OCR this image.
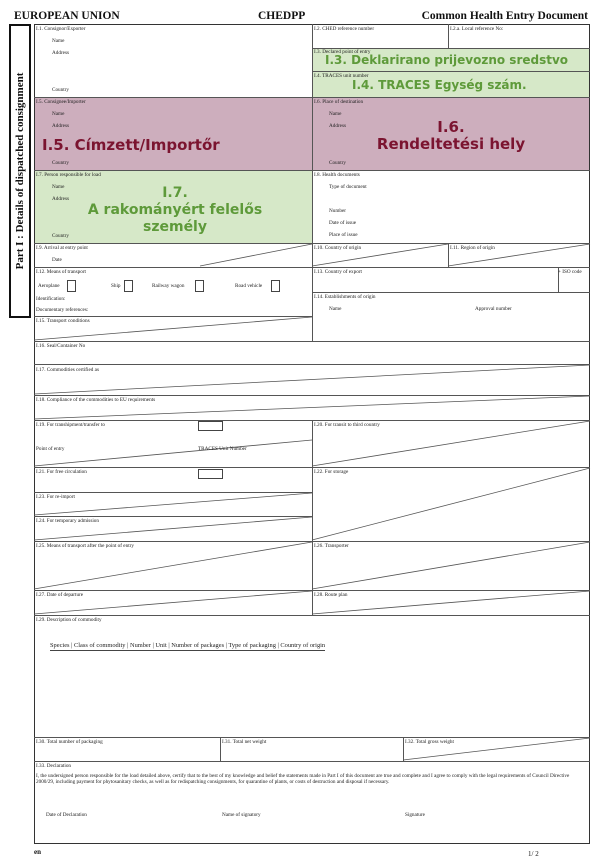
EUROPEAN UNION	CHEDPP	Common Health Entry Document
Part I : Details of dispatched consignment
I.1. Consignor/Exporter
Name
Address
Country
I.2. CHED reference number	I.2.a. Local reference No:
I.3. Declared point of entry
I.3. Deklarirano prijevozno sredstvo
I.4. TRACES unit number
I.4. TRACES Egység szám.
I.5. Consignee/Importer
Name
Address
Country
I.5. Címzett/Importőr
I.6. Place of destination
Name
Address
Country
I.6.
Rendeltetési hely
I.7. Person responsible for load
Name
Address
Country
I.7.
A rakományért felelős
személy
I.8. Health documents
Type of document
Number
Date of issue
Place of issue
I.9. Arrival at entry point
Date
I.10. Country of origin	I.11. Region of origin
I.12. Means of transport
Aeroplane	Ship	Railway wagon	Road vehicle
Identification:
Documentary references:
I.13. Country of export	+ ISO code
I.14. Establishments of origin
Name	Approval number
I.15. Transport conditions
I.16. Seal/Container No
I.17. Commodities certified as
I.18. Compliance of the commodities to EU requirements
I.19. For transhipment/transfer to
Point of entry	TRACES Unit Number
I.20. For transit to third country
I.21. For free circulation	I.22. For storage
I.23. For re-import
I.24. For temporary admission
I.25. Means of transport after the point of entry	I.26. Transporter
I.27. Date of departure	I.28. Route plan
I.29. Description of commodity
Species | Class of commodity | Number | Unit | Number of packages | Type of packaging | Country of origin
I.30. Total number of packaging	I.31. Total net weight	I.32. Total gross weight
I.33. Declaration
I, the undersigned person responsible for the load detailed above, certify that to the best of my knowledge and belief the statements made in Part I of this document are true and complete and I agree to comply with the legal requirements of Council Directive 2000/29, including payment for phytosanitary checks, as well as for redispatching consignments, for quarantine of plants, or costs of destruction and disposal if necessary.
Date of Declaration	Name of signatory	Signature
en	1/ 2
